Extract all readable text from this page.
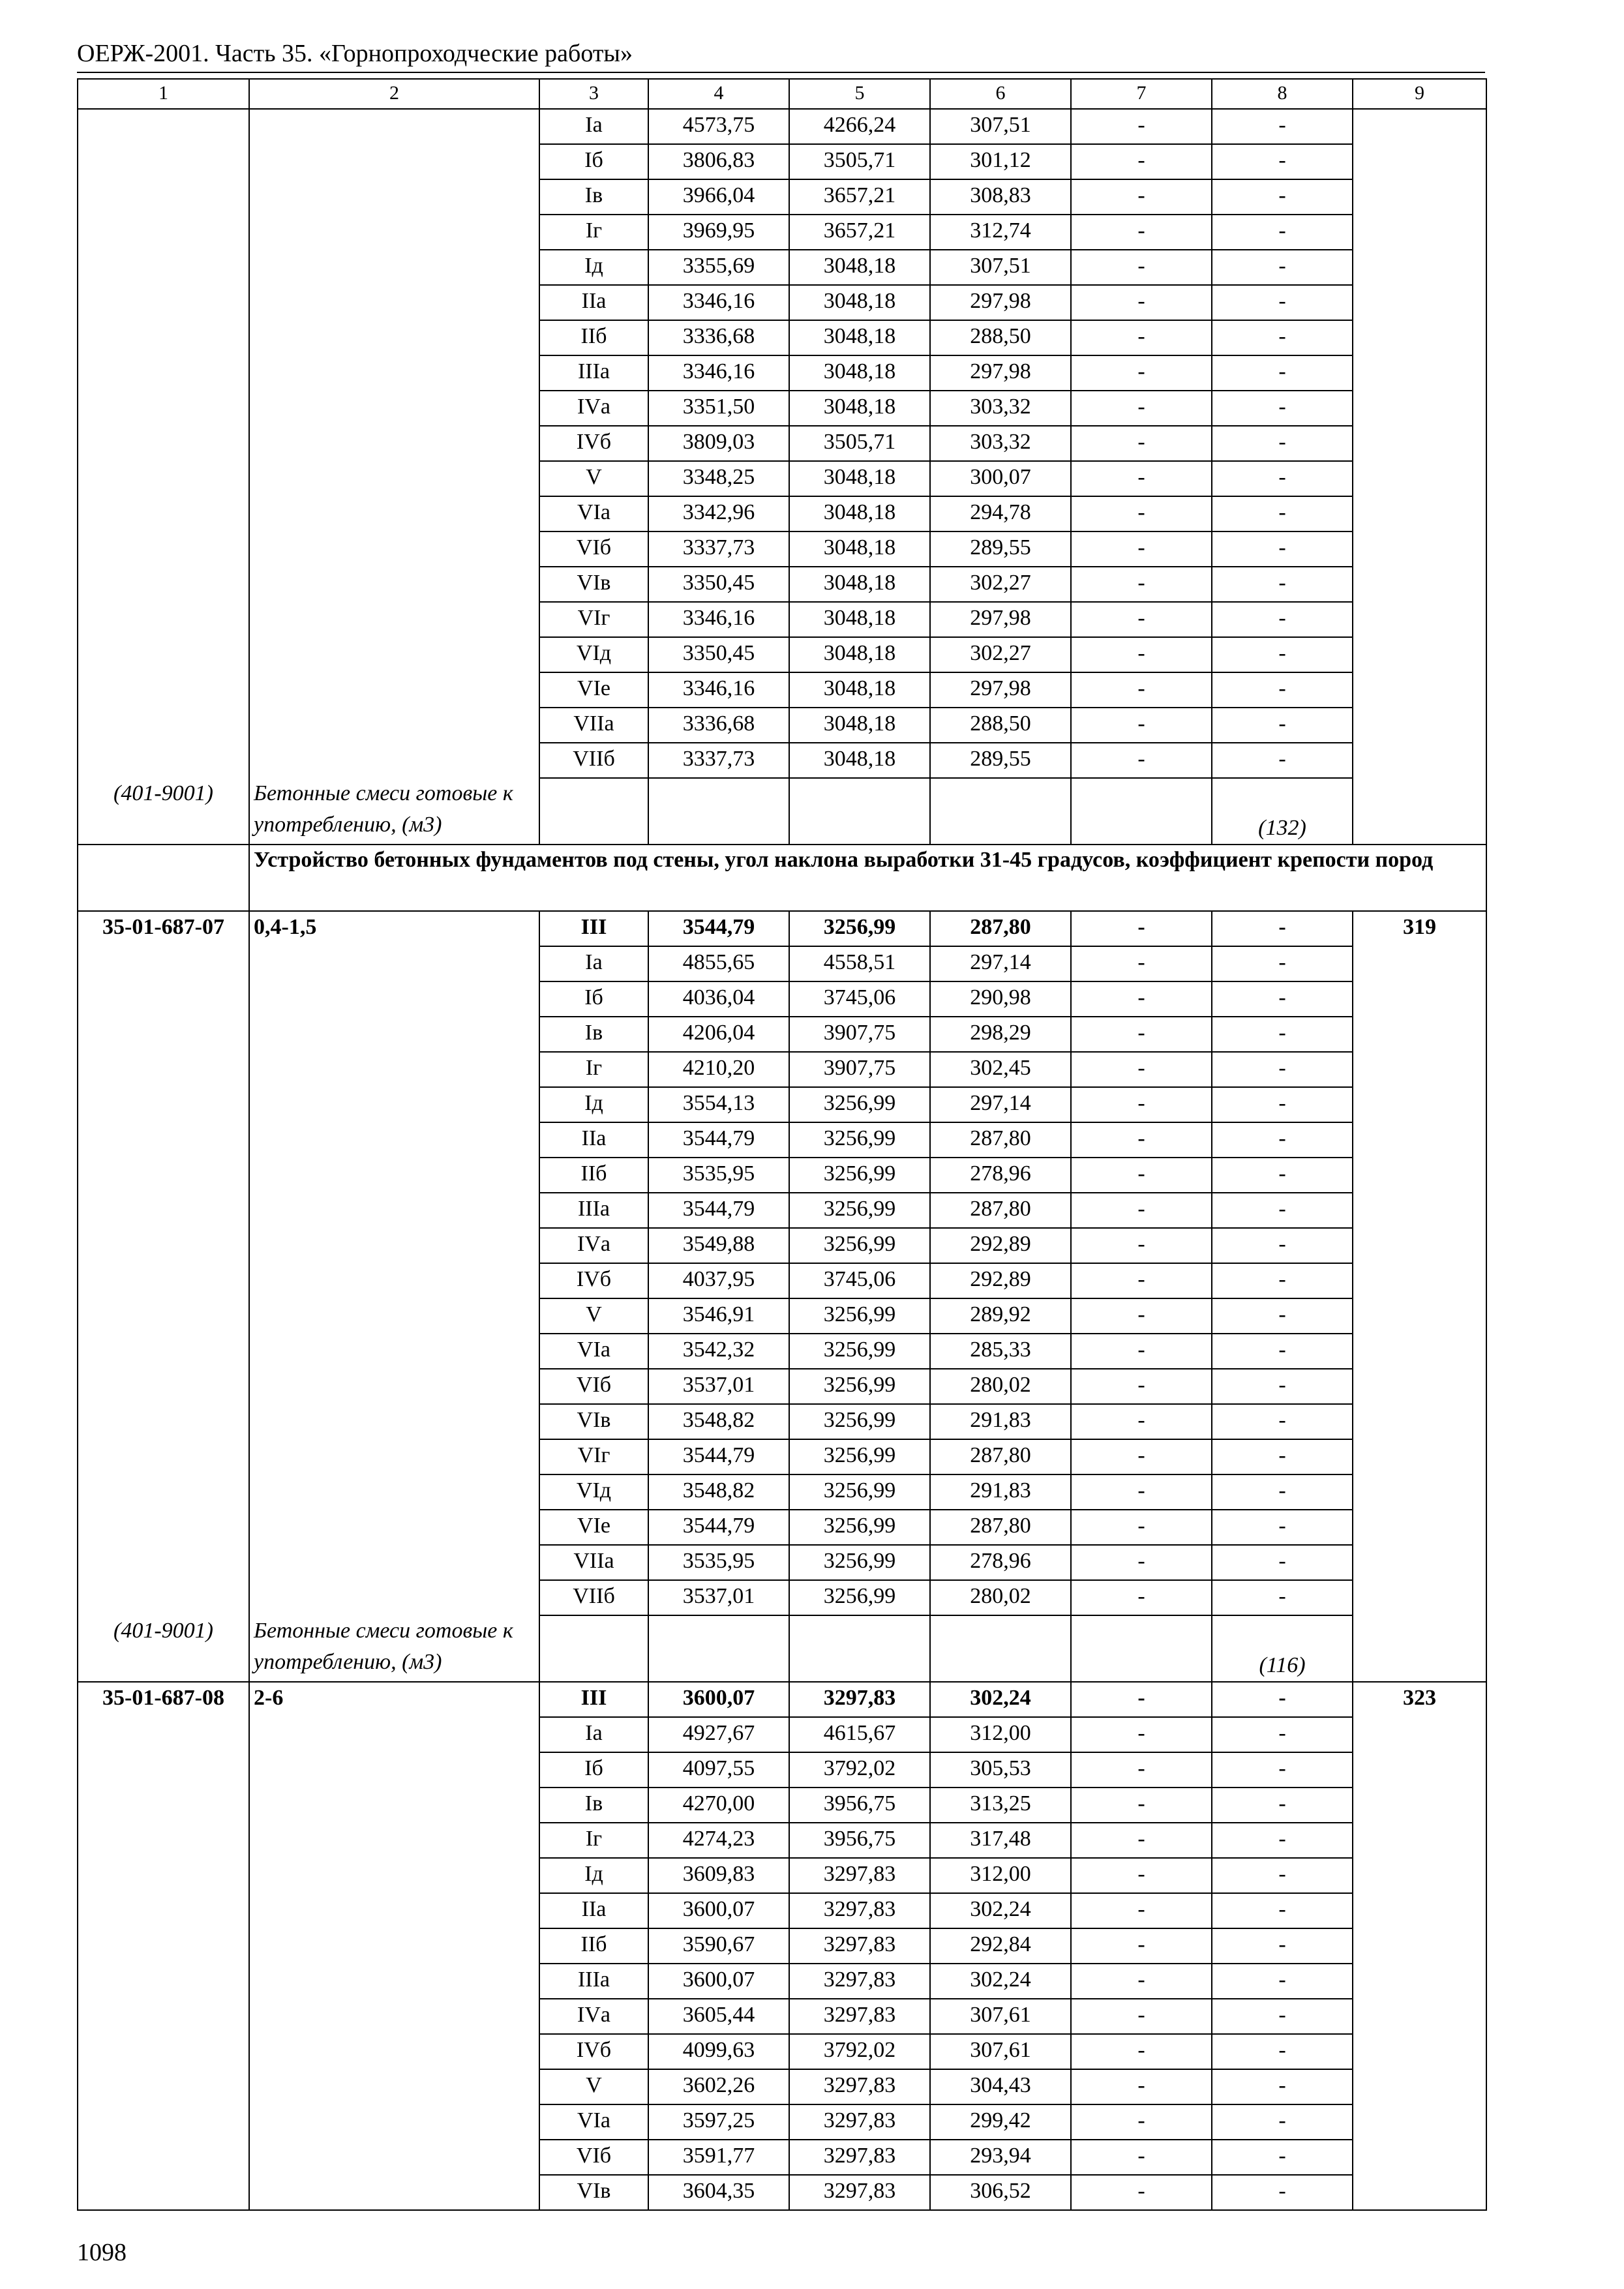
ОЕРЖ-2001. Часть 35. «Горнопроходческие работы»
1	2	3	4	5	6	7	8	9
		Iа	4573,75	4266,24	307,51	-	-	
		Iб	3806,83	3505,71	301,12	-	-	
		Iв	3966,04	3657,21	308,83	-	-	
		Iг	3969,95	3657,21	312,74	-	-	
		Iд	3355,69	3048,18	307,51	-	-	
		IIа	3346,16	3048,18	297,98	-	-	
		IIб	3336,68	3048,18	288,50	-	-	
		IIIа	3346,16	3048,18	297,98	-	-	
		IVа	3351,50	3048,18	303,32	-	-	
		IVб	3809,03	3505,71	303,32	-	-	
		V	3348,25	3048,18	300,07	-	-	
		VIа	3342,96	3048,18	294,78	-	-	
		VIб	3337,73	3048,18	289,55	-	-	
		VIв	3350,45	3048,18	302,27	-	-	
		VIг	3346,16	3048,18	297,98	-	-	
		VIд	3350,45	3048,18	302,27	-	-	
		VIе	3346,16	3048,18	297,98	-	-	
		VIIа	3336,68	3048,18	288,50	-	-	
		VIIб	3337,73	3048,18	289,55	-	-	
(401-9001)	Бетонные смеси готовые к употреблению, (м3)						(132)	

	Устройство бетонных фундаментов под стены, угол наклона выработки 31-45 градусов, коэффициент крепости пород							

35-01-687-07	0,4-1,5	III	3544,79	3256,99	287,80	-	-	319
		Iа	4855,65	4558,51	297,14	-	-	
		Iб	4036,04	3745,06	290,98	-	-	
		Iв	4206,04	3907,75	298,29	-	-	
		Iг	4210,20	3907,75	302,45	-	-	
		Iд	3554,13	3256,99	297,14	-	-	
		IIа	3544,79	3256,99	287,80	-	-	
		IIб	3535,95	3256,99	278,96	-	-	
		IIIа	3544,79	3256,99	287,80	-	-	
		IVа	3549,88	3256,99	292,89	-	-	
		IVб	4037,95	3745,06	292,89	-	-	
		V	3546,91	3256,99	289,92	-	-	
		VIа	3542,32	3256,99	285,33	-	-	
		VIб	3537,01	3256,99	280,02	-	-	
		VIв	3548,82	3256,99	291,83	-	-	
		VIг	3544,79	3256,99	287,80	-	-	
		VIд	3548,82	3256,99	291,83	-	-	
		VIе	3544,79	3256,99	287,80	-	-	
		VIIа	3535,95	3256,99	278,96	-	-	
		VIIб	3537,01	3256,99	280,02	-	-	
(401-9001)	Бетонные смеси готовые к употреблению, (м3)						(116)	
35-01-687-08	2-6	III	3600,07	3297,83	302,24	-	-	323
		Iа	4927,67	4615,67	312,00	-	-	
		Iб	4097,55	3792,02	305,53	-	-	
		Iв	4270,00	3956,75	313,25	-	-	
		Iг	4274,23	3956,75	317,48	-	-	
		Iд	3609,83	3297,83	312,00	-	-	
		IIа	3600,07	3297,83	302,24	-	-	
		IIб	3590,67	3297,83	292,84	-	-	
		IIIа	3600,07	3297,83	302,24	-	-	
		IVа	3605,44	3297,83	307,61	-	-	
		IVб	4099,63	3792,02	307,61	-	-	
		V	3602,26	3297,83	304,43	-	-	
		VIа	3597,25	3297,83	299,42	-	-	
		VIб	3591,77	3297,83	293,94	-	-	
		VIв	3604,35	3297,83	306,52	-	-	
1098
